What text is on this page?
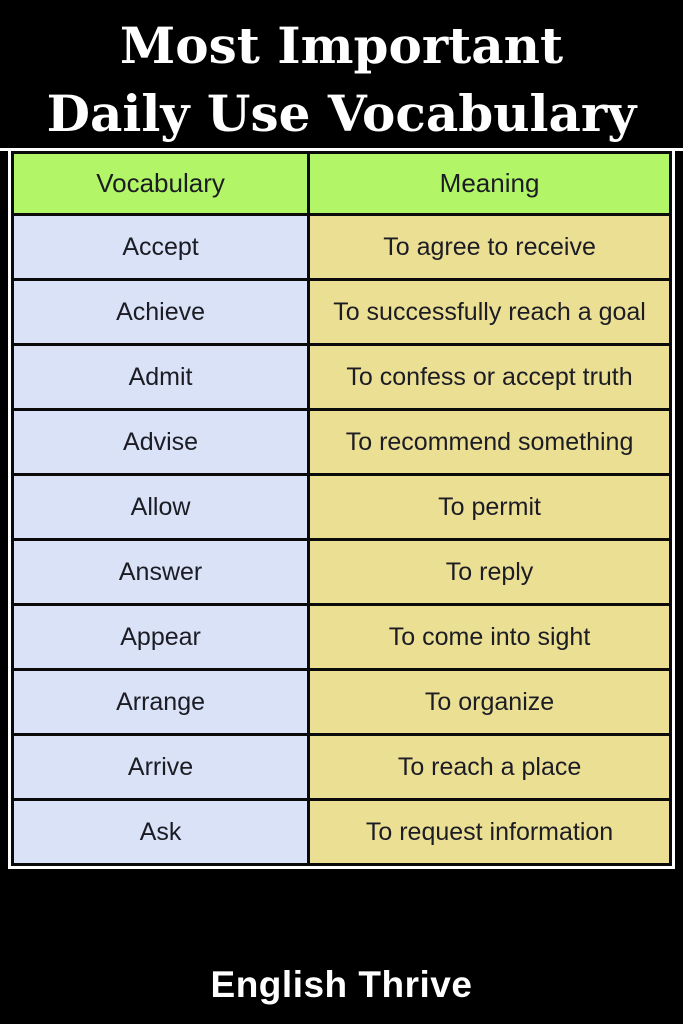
Most Important
Daily Use Vocabulary
Vocabulary	Meaning
Accept	To agree to receive
Achieve	To successfully reach a goal
Admit	To confess or accept truth
Advise	To recommend something
Allow	To permit
Answer	To reply
Appear	To come into sight
Arrange	To organize
Arrive	To reach a place
Ask	To request information
English Thrive
